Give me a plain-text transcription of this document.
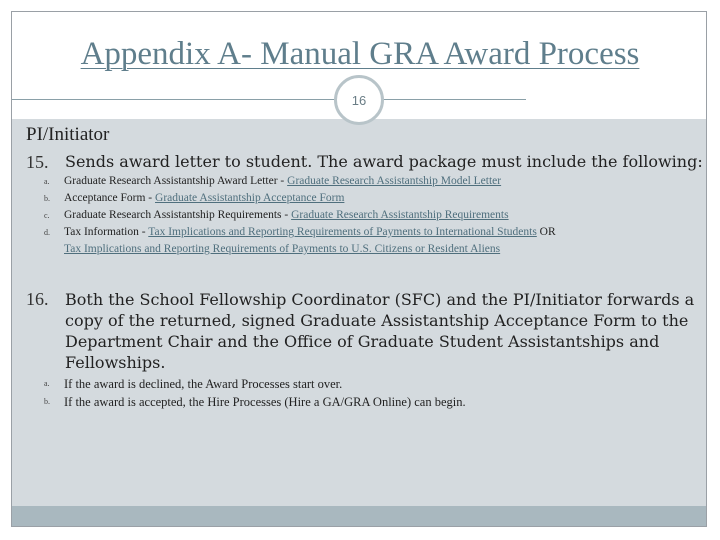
Appendix A- Manual GRA Award Process
16
PI/Initiator
15. Sends award letter to student. The award package must include the following:
a. Graduate Research Assistantship Award Letter - Graduate Research Assistantship Model Letter
b. Acceptance Form - Graduate Assistantship Acceptance Form
c. Graduate Research Assistantship Requirements - Graduate Research Assistantship Requirements
d. Tax Information - Tax Implications and Reporting Requirements of Payments to International Students OR
Tax Implications and Reporting Requirements of Payments to U.S. Citizens or Resident Aliens
16. Both the School Fellowship Coordinator (SFC) and the PI/Initiator forwards a copy of the returned, signed Graduate Assistantship Acceptance Form to the Department Chair and the Office of Graduate Student Assistantships and Fellowships.
a. If the award is declined, the Award Processes start over.
b. If the award is accepted, the Hire Processes (Hire a GA/GRA Online) can begin.
